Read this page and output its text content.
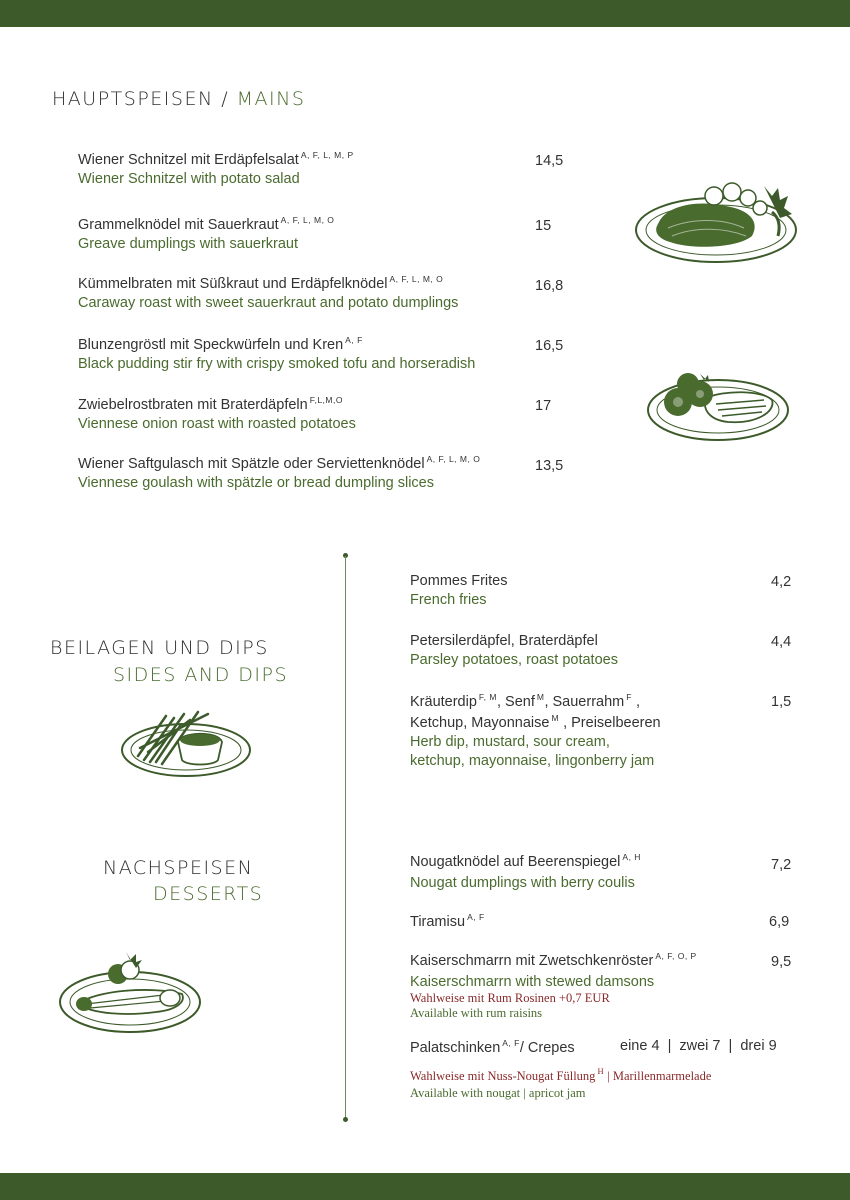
HAUPTSPEISEN / MAINS
Wiener Schnitzel mit Erdäpfelsalat $^{A, F, L, M, P}$
Wiener Schnitzel with potato salad
14,5
Grammelknödel mit Sauerkraut $^{A, F, L, M, O}$
Greave dumplings with sauerkraut
15
Kümmelbraten mit Süßkraut und Erdäpfelknödel $^{A, F, L, M, O}$
Caraway roast with sweet sauerkraut and potato dumplings
16,8
Blunzengröstl mit Speckwürfeln und Kren $^{A, F}$
Black pudding stir fry with crispy smoked tofu and horseradish
16,5
Zwiebelrostbraten mit Braterdäpfeln $^{F,L,M,O}$
Viennese onion roast with roasted potatoes
17
Wiener Saftgulasch mit Spätzle oder Serviettenknödel $^{A, F, L, M, O}$
Viennese goulash with spätzle or bread dumpling slices
13,5
BEILAGEN UND DIPS
SIDES AND DIPS
Pommes Frites
French fries
4,2
Petersilerdäpfel, Braterdäpfel
Parsley potatoes, roast potatoes
4,4
Kräuterdip $^{F, M}$, Senf $^M$, Sauerrahm $^F$ ,
Ketchup, Mayonnaise $^M$ , Preiselbeeren
Herb dip, mustard, sour cream,
ketchup, mayonnaise, lingonberry jam
1,5
NACHSPEISEN
DESSERTS
Nougatknödel auf Beerenspiegel $^{A, H}$
Nougat dumplings with berry coulis
7,2
Tiramisu $^{A, F}$	6,9
Kaiserschmarrn mit Zwetschkenröster $^{A, F, O, P}$
Kaiserschmarrn with stewed damsons
Wahlweise mit Rum Rosinen +0,7 EUR
Available with rum raisins
9,5
Palatschinken $^{A, F}$/ Crepes
Wahlweise mit Nuss-Nougat Füllung $^H$ | Marillenmarmelade
Available with nougat | apricot jam
eine 4  |  zwei 7  |  drei 9
